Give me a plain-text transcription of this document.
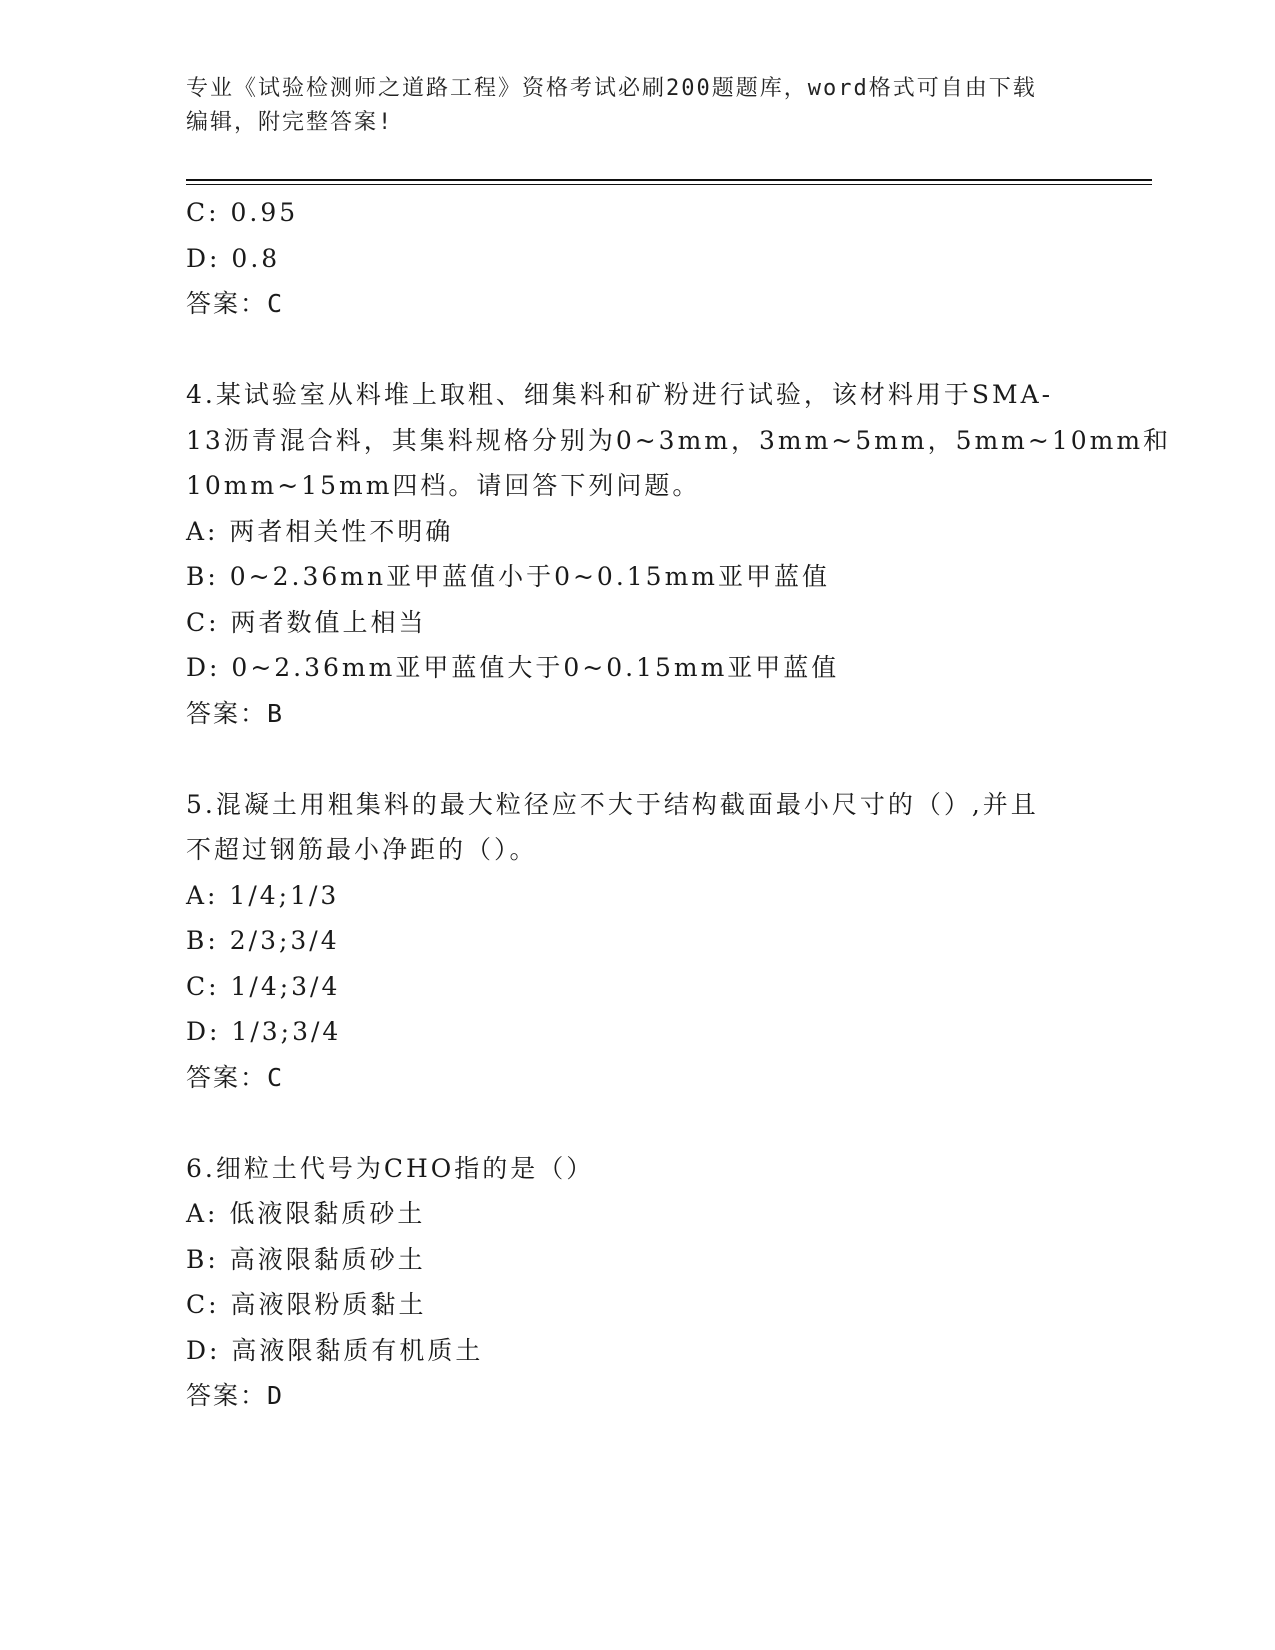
专业《试验检测师之道路工程》资格考试必刷200题题库，word格式可自由下载
编辑，附完整答案!
C: 0.95
D: 0.8
答案：C
4.某试验室从料堆上取粗、细集料和矿粉进行试验，该材料用于SMA-
13沥青混合料，其集料规格分别为0~3mm，3mm~5mm，5mm~10mm和
10mm~15mm四档。请回答下列问题。
A: 两者相关性不明确
B: 0~2.36mn亚甲蓝值小于0~0.15mm亚甲蓝值
C: 两者数值上相当
D: 0~2.36mm亚甲蓝值大于0~0.15mm亚甲蓝值
答案：B
5.混凝土用粗集料的最大粒径应不大于结构截面最小尺寸的（）,并且
不超过钢筋最小净距的（）。
A: 1/4;1/3
B: 2/3;3/4
C: 1/4;3/4
D: 1/3;3/4
答案：C
6.细粒土代号为CHO指的是（）
A: 低液限黏质砂土
B: 高液限黏质砂土
C: 高液限粉质黏土
D: 高液限黏质有机质土
答案：D
